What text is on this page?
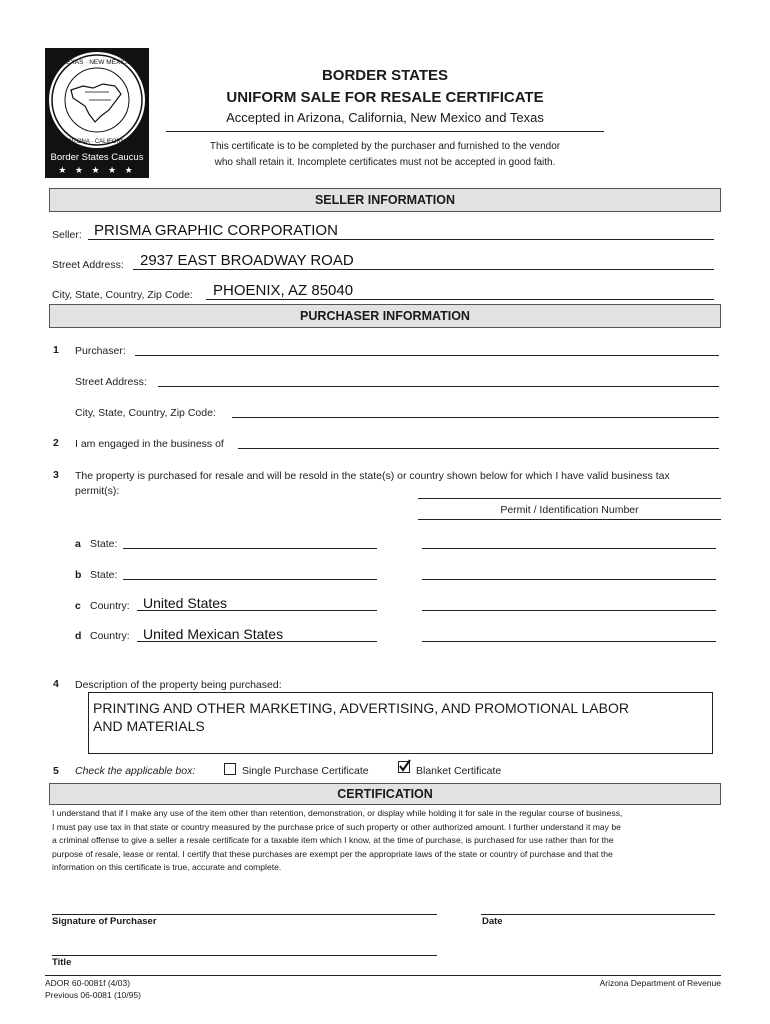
TEXAS · NEW MEXICO
ARIZONA · CALIFORNIA
Border States Caucus
★ ★ ★ ★ ★
BORDER STATES
UNIFORM SALE FOR RESALE CERTIFICATE
Accepted in Arizona, California, New Mexico and Texas
This certificate is to be completed by the purchaser and furnished to the vendor
who shall retain it. Incomplete certificates must not be accepted in good faith.
SELLER INFORMATION
Seller: PRISMA GRAPHIC CORPORATION
Street Address: 2937 EAST BROADWAY ROAD
City, State, Country, Zip Code: PHOENIX, AZ 85040
PURCHASER INFORMATION
1 Purchaser:
Street Address:
City, State, Country, Zip Code:
2 I am engaged in the business of
3 The property is purchased for resale and will be resold in the state(s) or country shown below for which I have valid business tax
permit(s):
Permit / Identification Number
a State:
b State:
c Country: United States
d Country: United Mexican States
4 Description of the property being purchased:
PRINTING AND OTHER MARKETING, ADVERTISING, AND PROMOTIONAL LABOR
AND MATERIALS
5 Check the applicable box:	Single Purchase Certificate	Blanket Certificate
CERTIFICATION
I understand that if I make any use of the item other than retention, demonstration, or display while holding it for sale in the regular course of business,
I must pay use tax in that state or country measured by the purchase price of such property or other authorized amount. I further understand it may be
a criminal offense to give a seller a resale certificate for a taxable item which I know, at the time of purchase, is purchased for use rather than for the
purpose of resale, lease or rental. I certify that these purchases are exempt per the appropriate laws of the state or country of purchase and that the
information on this certificate is true, accurate and complete.
Signature of Purchaser	Date
Title
ADOR 60-0081f (4/03)
Previous 06-0081 (10/95)
Arizona Department of Revenue
